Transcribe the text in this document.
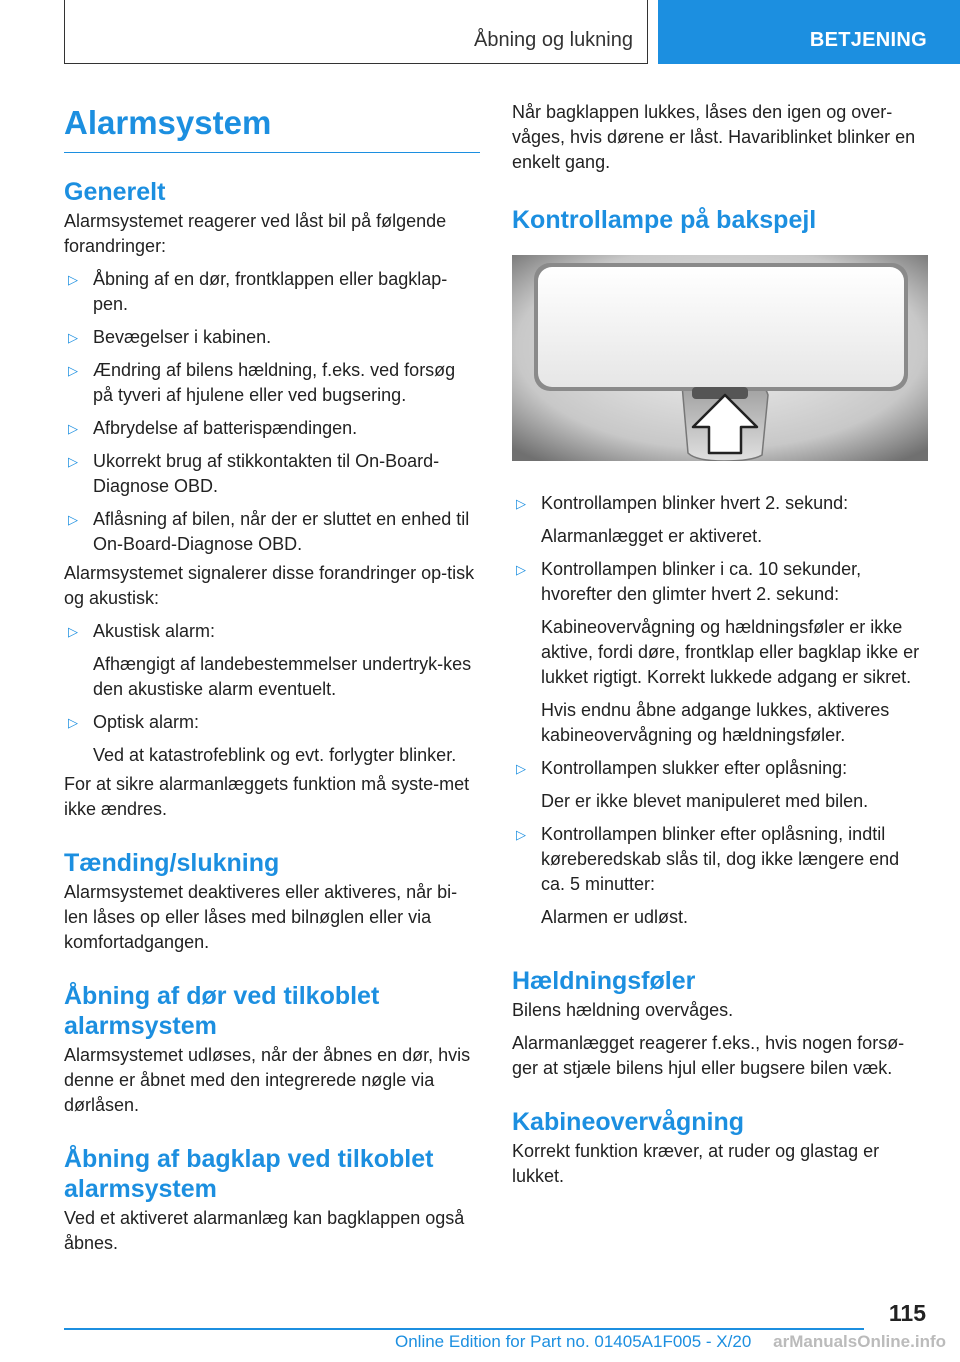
Åbning og lukning	BETJENING
Alarmsystem
Generelt

Alarmsystemet reagerer ved låst bil på følgende forandringer:

▷ Åbning af en dør, frontklappen eller bagklap-pen.
▷ Bevægelser i kabinen.
▷ Ændring af bilens hældning, f.eks. ved forsøg på tyveri af hjulene eller ved bugsering.
▷ Afbrydelse af batterispændingen.
▷ Ukorrekt brug af stikkontakten til On-Board-Diagnose OBD.
▷ Aflåsning af bilen, når der er sluttet en enhed til On-Board-Diagnose OBD.

Alarmsystemet signalerer disse forandringer op-tisk og akustisk:

▷ Akustisk alarm:
Afhængigt af landebestemmelser undertryk-kes den akustiske alarm eventuelt.
▷ Optisk alarm:
Ved at katastrofeblink og evt. forlygter blinker.

For at sikre alarmanlæggets funktion må syste-met ikke ændres.

Tænding/slukning

Alarmsystemet deaktiveres eller aktiveres, når bi-len låses op eller låses med bilnøglen eller via komfortadgangen.

Åbning af dør ved tilkoblet alarmsystem

Alarmsystemet udløses, når der åbnes en dør, hvis denne er åbnet med den integrerede nøgle via dørlåsen.

Åbning af bagklap ved tilkoblet alarmsystem

Ved et aktiveret alarmanlæg kan bagklappen også åbnes.

Når bagklappen lukkes, låses den igen og over-våges, hvis dørene er låst. Havariblinket blinker en enkelt gang.

Kontrollampe på bakspejl
▷ Kontrollampen blinker hvert 2. sekund:
Alarmanlægget er aktiveret.
▷ Kontrollampen blinker i ca. 10 sekunder, hvorefter den glimter hvert 2. sekund:
Kabineovervågning og hældningsføler er ikke aktive, fordi døre, frontklap eller bagklap ikke er lukket rigtigt. Korrekt lukkede adgang er sikret.
Hvis endnu åbne adgange lukkes, aktiveres kabineovervågning og hældningsføler.
▷ Kontrollampen slukker efter oplåsning:
Der er ikke blevet manipuleret med bilen.
▷ Kontrollampen blinker efter oplåsning, indtil køreberedskab slås til, dog ikke længere end ca. 5 minutter:
Alarmen er udløst.
Hældningsføler

Bilens hældning overvåges.

Alarmanlægget reagerer f.eks., hvis nogen forsø-ger at stjæle bilens hjul eller bugsere bilen væk.

Kabineovervågning

Korrekt funktion kræver, at ruder og glastag er lukket.

115
Online Edition for Part no. 01405A1F005 - X/20 arManualsOnline.info
